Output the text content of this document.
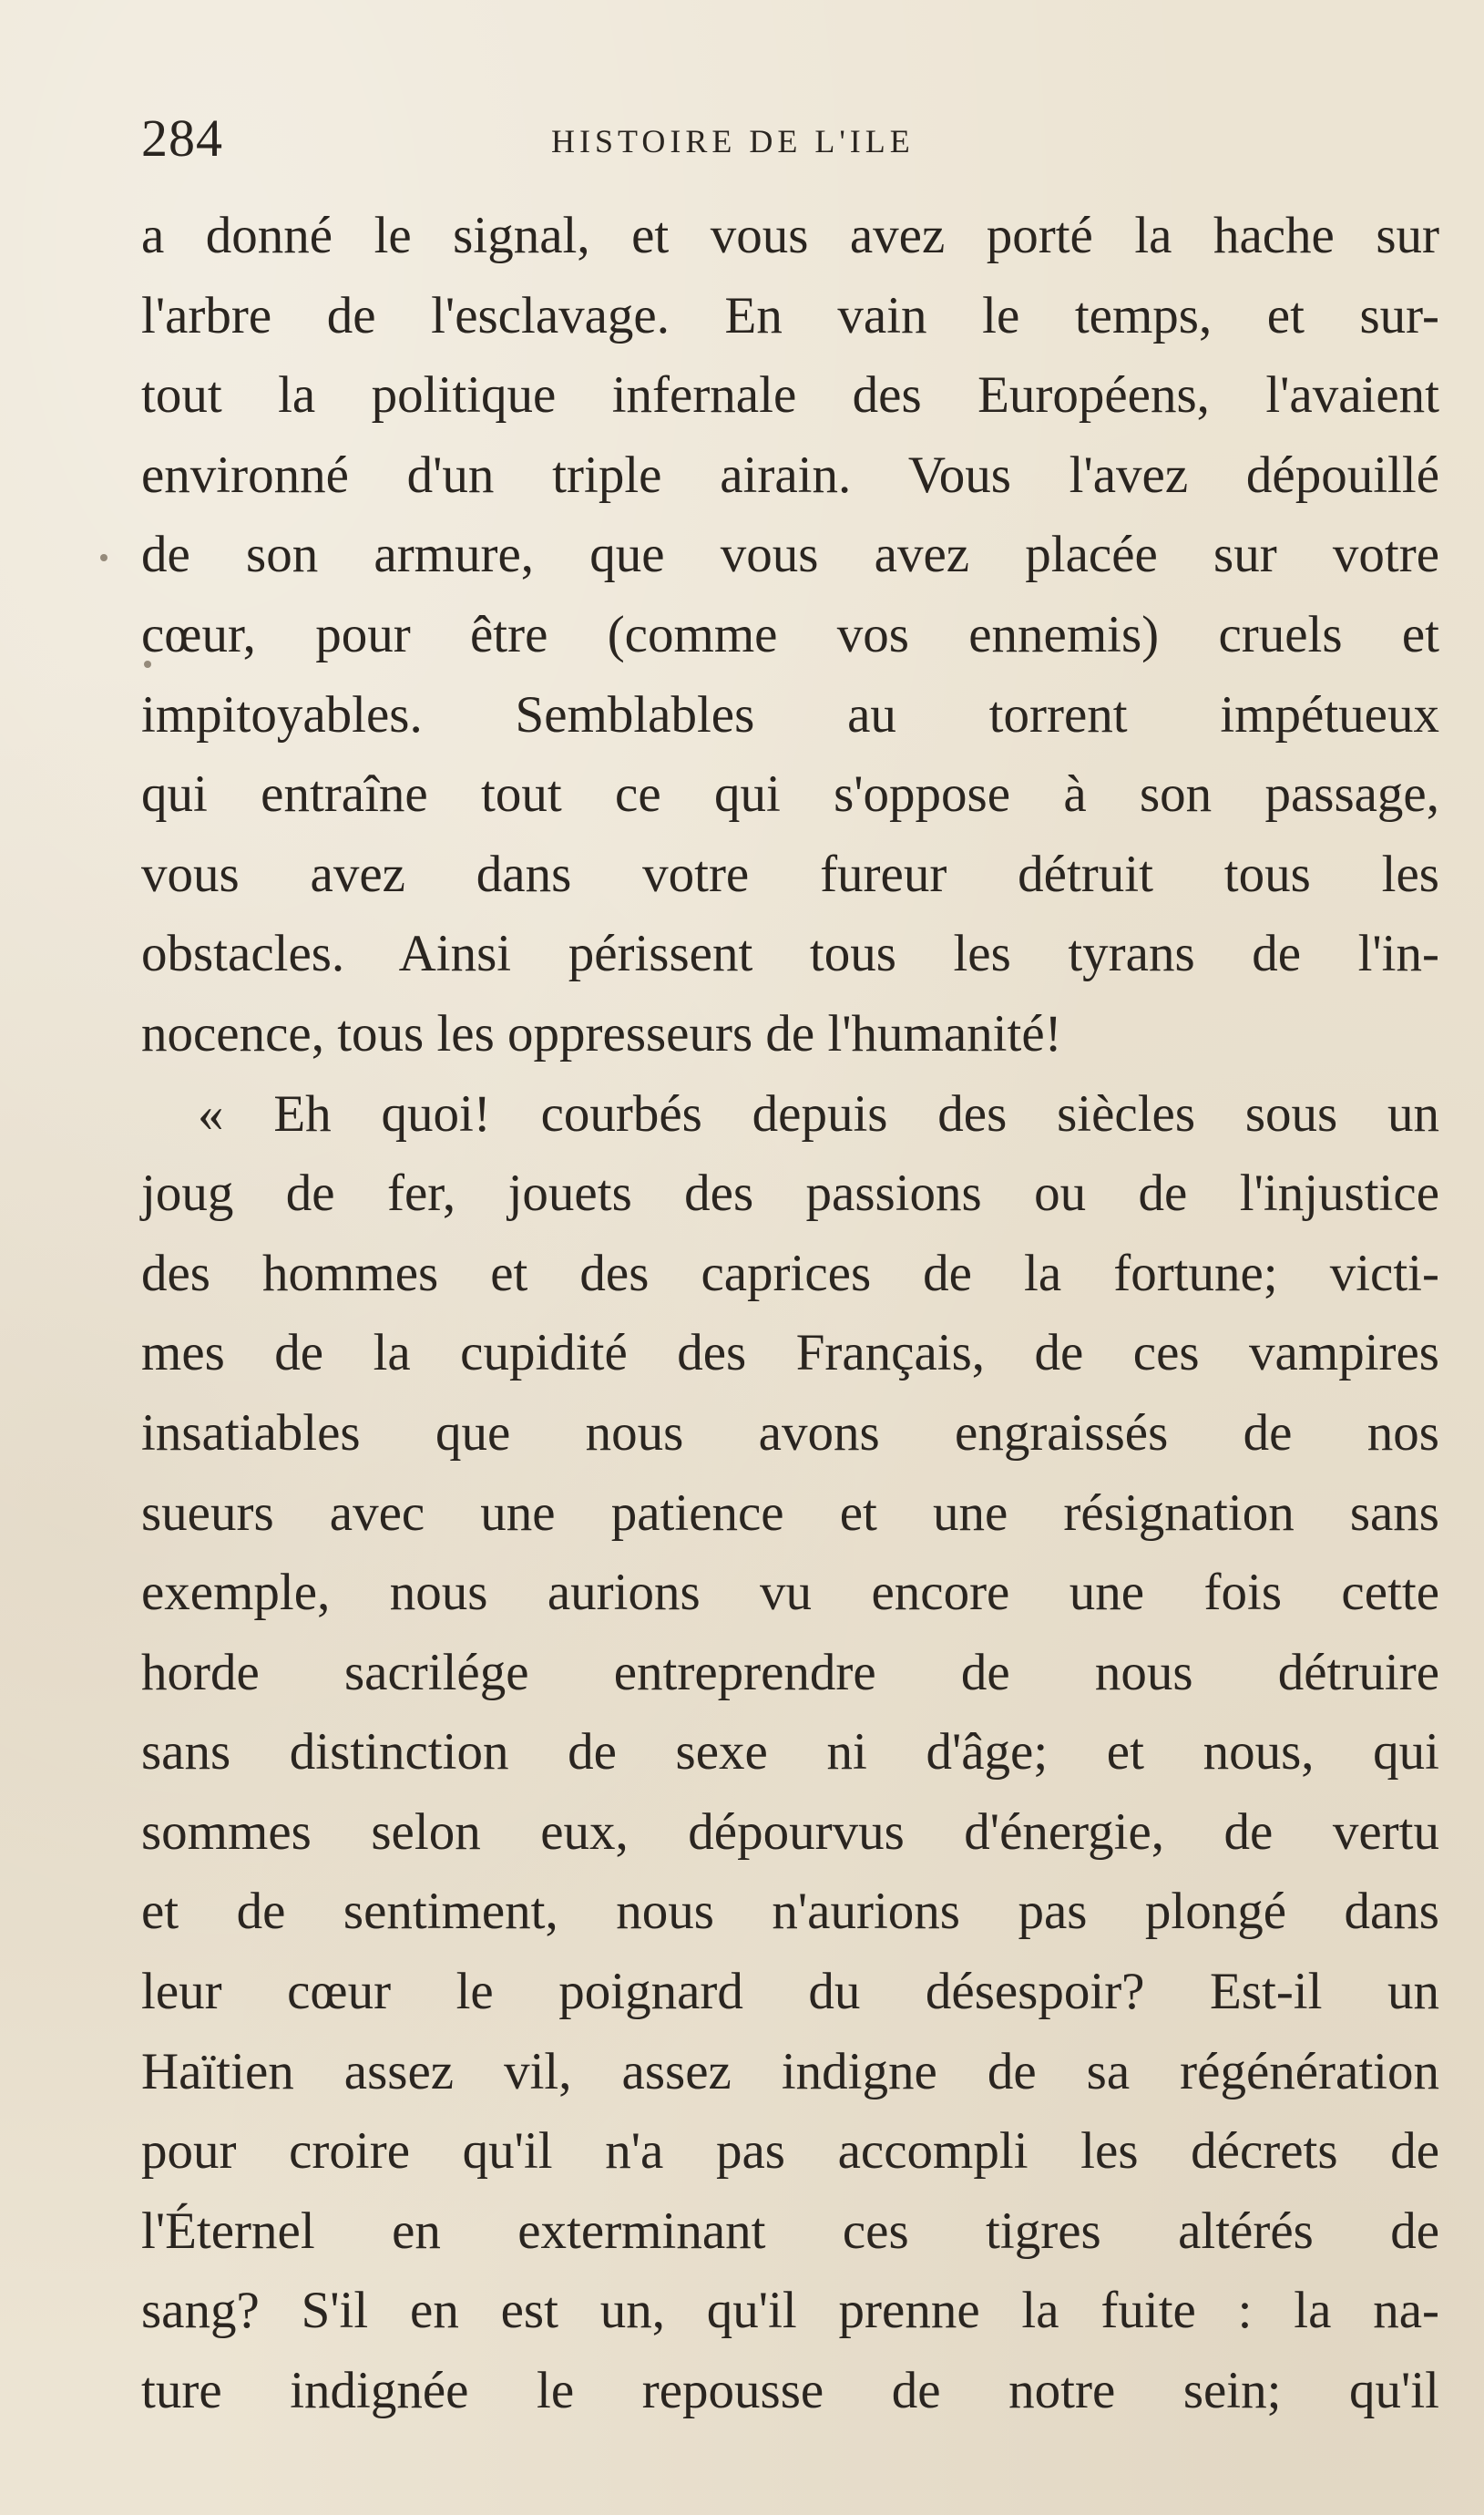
284	HISTOIRE DE L'ILE
a donné le signal, et vous avez porté la hache sur
l'arbre de l'esclavage. En vain le temps, et sur-
tout la politique infernale des Européens, l'avaient
environné d'un triple airain. Vous l'avez dépouillé
de son armure, que vous avez placée sur votre
cœur, pour être (comme vos ennemis) cruels et
impitoyables. Semblables au torrent impétueux
qui entraîne tout ce qui s'oppose à son passage,
vous avez dans votre fureur détruit tous les
obstacles. Ainsi périssent tous les tyrans de l'in-
nocence, tous les oppresseurs de l'humanité!
« Eh quoi! courbés depuis des siècles sous un
joug de fer, jouets des passions ou de l'injustice
des hommes et des caprices de la fortune; victi-
mes de la cupidité des Français, de ces vampires
insatiables que nous avons engraissés de nos
sueurs avec une patience et une résignation sans
exemple, nous aurions vu encore une fois cette
horde sacrilége entreprendre de nous détruire
sans distinction de sexe ni d'âge; et nous, qui
sommes selon eux, dépourvus d'énergie, de vertu
et de sentiment, nous n'aurions pas plongé dans
leur cœur le poignard du désespoir? Est-il un
Haïtien assez vil, assez indigne de sa régénération
pour croire qu'il n'a pas accompli les décrets de
l'Éternel en exterminant ces tigres altérés de
sang? S'il en est un, qu'il prenne la fuite : la na-
ture indignée le repousse de notre sein; qu'il
